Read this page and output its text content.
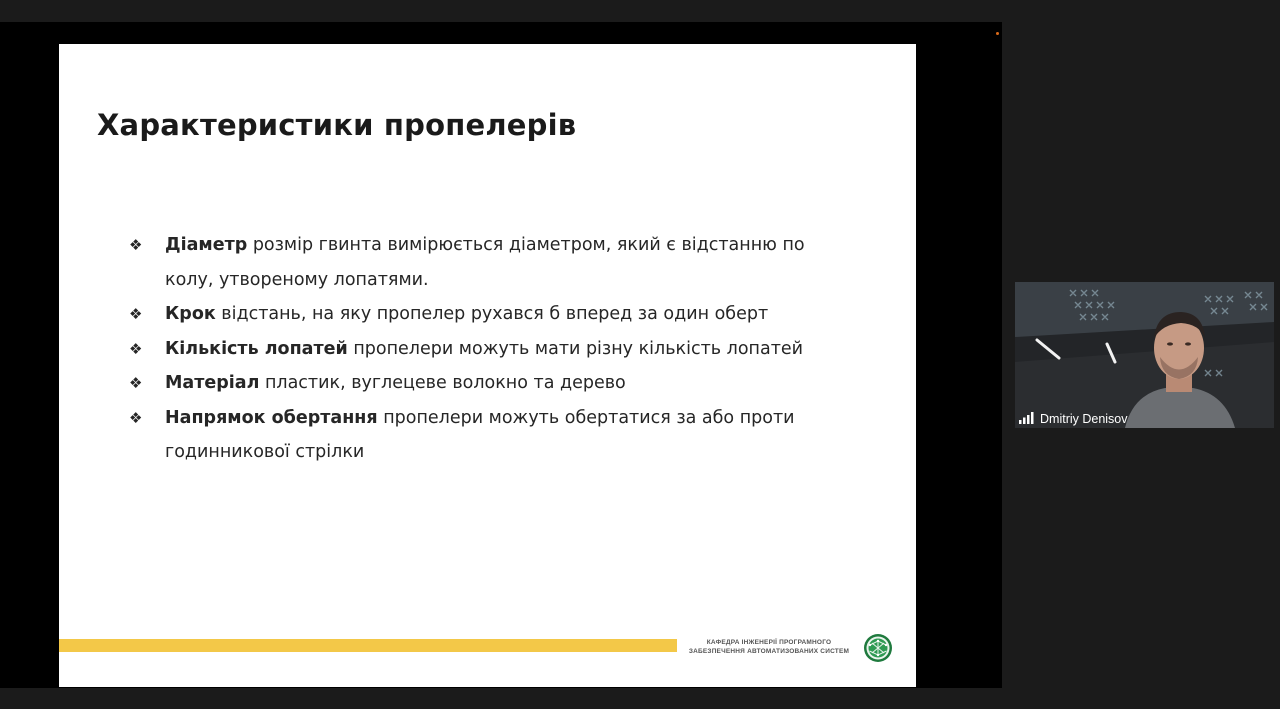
Характеристики пропелерів
❖ Діаметр розмір гвинта вимірюється діаметром, який є відстанню по колу, утвореному лопатями.
❖ Крок відстань, на яку пропелер рухався б вперед за один оберт
❖ Кількість лопатей пропелери можуть мати різну кількість лопатей
❖ Матеріал пластик, вуглецеве волокно та дерево
❖ Напрямок обертання пропелери можуть обертатися за або проти годинникової стрілки
КАФЕДРА ІНЖЕНЕРІЇ ПРОГРАМНОГО
ЗАБЕЗПЕЧЕННЯ АВТОМАТИЗОВАНИХ СИСТЕМ
Dmitriy Denisov
